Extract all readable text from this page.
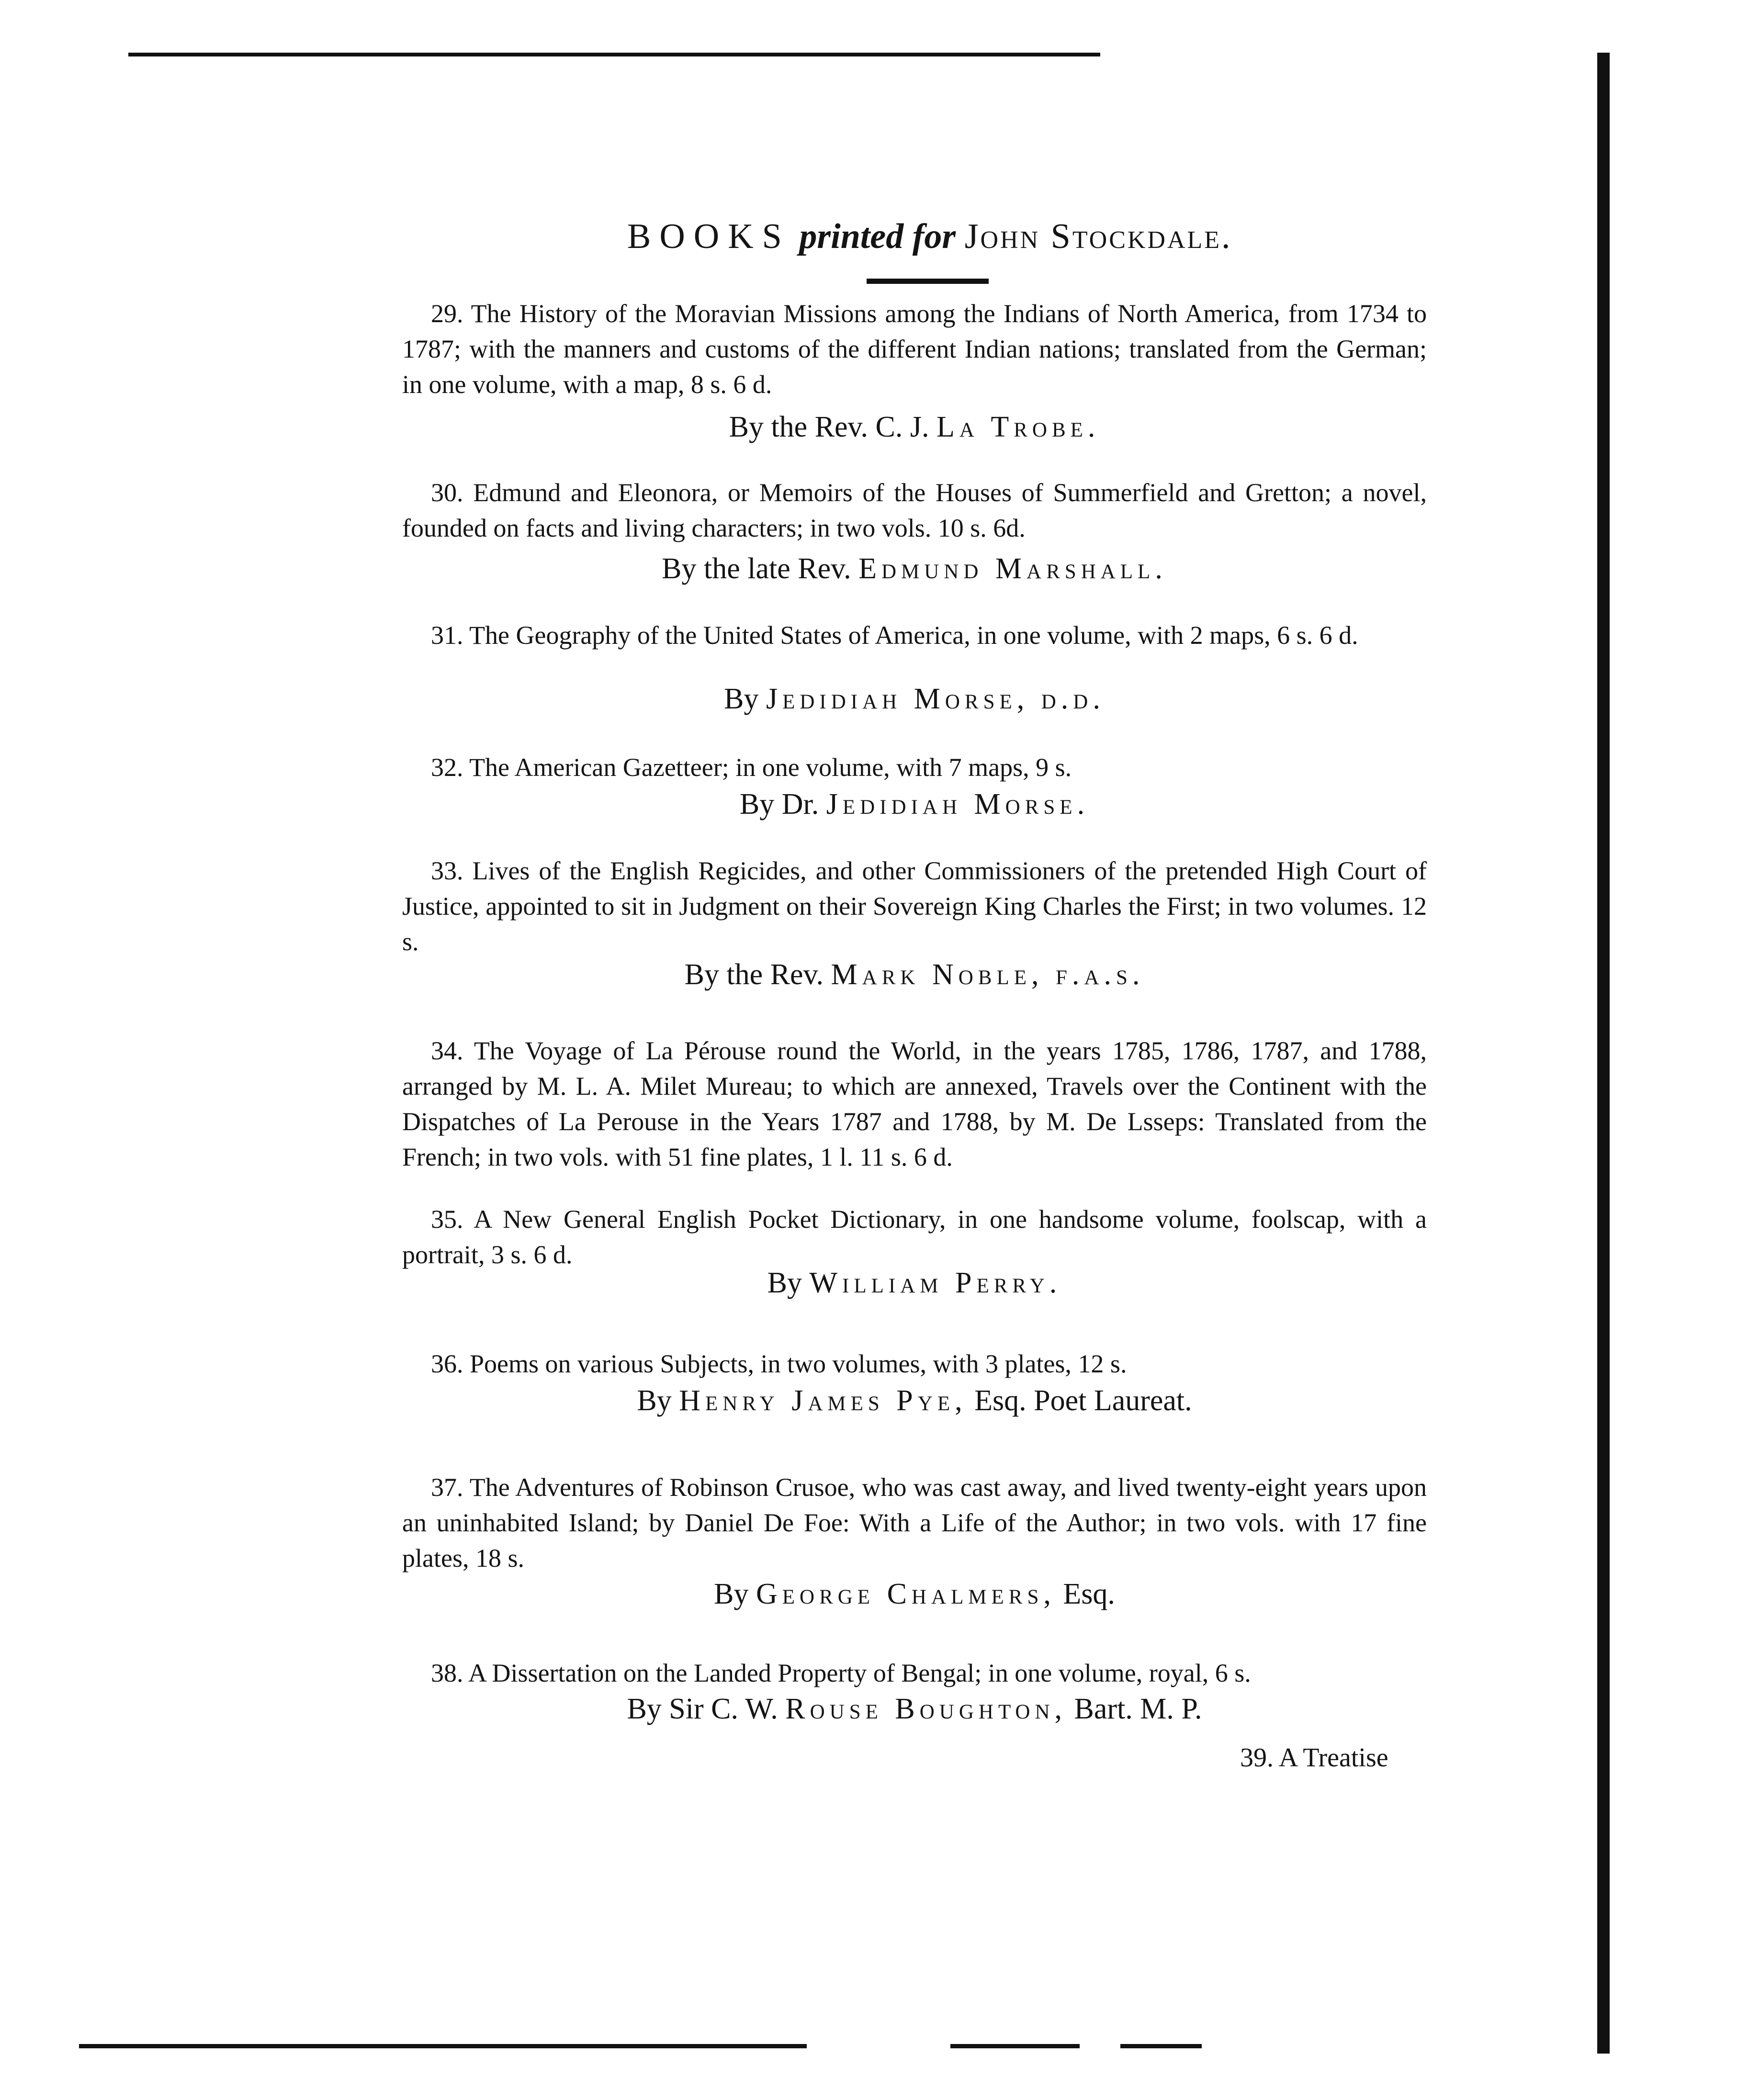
BOOKS printed for John Stockdale.

29. The History of the Moravian Missions among the Indians of North America, from 1734 to 1787; with the manners and customs of the different Indian nations; translated from the German; in one volume, with a map, 8 s. 6 d.

By the Rev. C. J. La Trobe.

30. Edmund and Eleonora, or Memoirs of the Houses of Summerfield and Gretton; a novel, founded on facts and living characters; in two vols. 10 s. 6d.

By the late Rev. Edmund Marshall.

31. The Geography of the United States of America, in one volume, with 2 maps, 6 s. 6 d.

By Jedidiah Morse, d.d.

32. The American Gazetteer; in one volume, with 7 maps, 9 s.

By Dr. Jedidiah Morse.

33. Lives of the English Regicides, and other Commissioners of the pretended High Court of Justice, appointed to sit in Judgment on their Sovereign King Charles the First; in two volumes. 12 s.

By the Rev. Mark Noble, f.a.s.

34. The Voyage of La Pérouse round the World, in the years 1785, 1786, 1787, and 1788, arranged by M. L. A. Milet Mureau; to which are annexed, Travels over the Continent with the Dispatches of La Perouse in the Years 1787 and 1788, by M. De Lsseps: Translated from the French; in two vols. with 51 fine plates, 1 l. 11 s. 6 d.

35. A New General English Pocket Dictionary, in one handsome volume, foolscap, with a portrait, 3 s. 6 d.

By William Perry.

36. Poems on various Subjects, in two volumes, with 3 plates, 12 s.

By Henry James Pye, Esq. Poet Laureat.

37. The Adventures of Robinson Crusoe, who was cast away, and lived twenty-eight years upon an uninhabited Island; by Daniel De Foe: With a Life of the Author; in two vols. with 17 fine plates, 18 s.

By George Chalmers, Esq.

38. A Dissertation on the Landed Property of Bengal; in one volume, royal, 6 s.

By Sir C. W. Rouse Boughton, Bart. M. P.
39. A Treatise
